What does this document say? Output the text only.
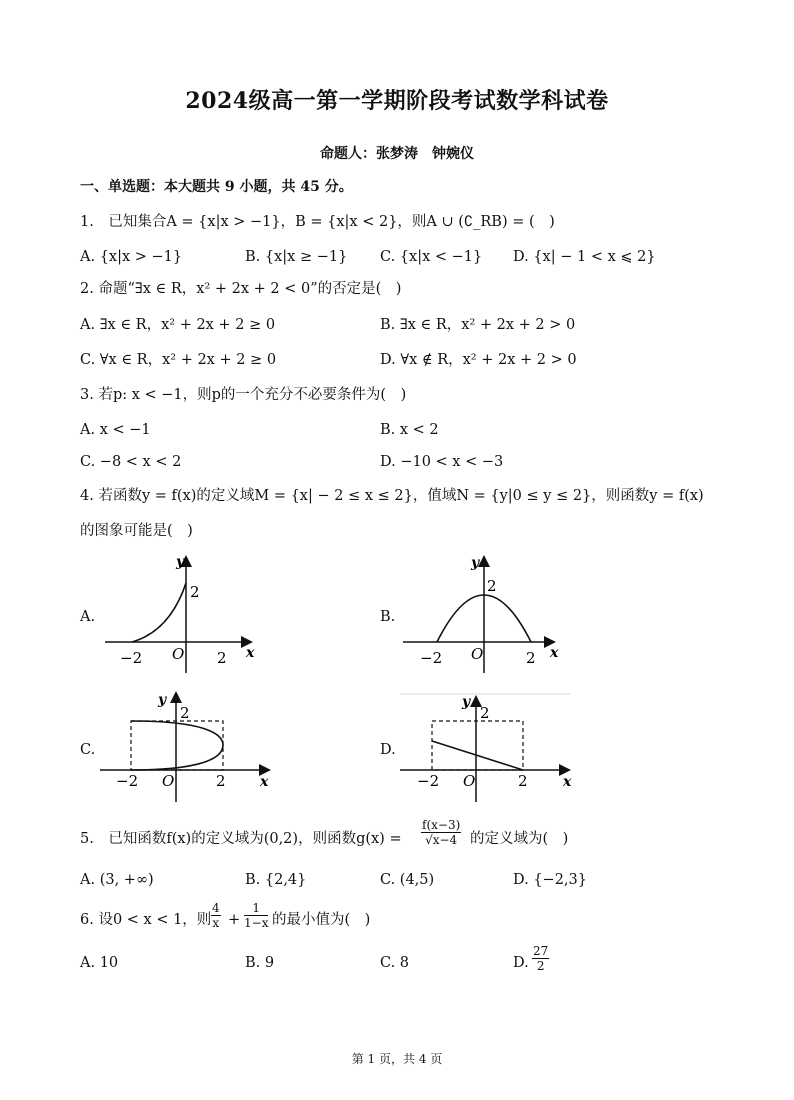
2024级高一第一学期阶段考试数学科试卷
命题人：张梦涛　钟婉仪
一、单选题：本大题共 9 小题，共 45 分。
1.　已知集合A = {x|x > −1}，B = {x|x < 2}，则A ∪ (∁_RB) = (　)
A. {x|x > −1}	B. {x|x ≥ −1} C. {x|x < −1} D. {x| − 1 < x ⩽ 2}
2. 命题“∃x ∈ R，x² + 2x + 2 < 0”的否定是(　)
A. ∃x ∈ R，x² + 2x + 2 ≥ 0	B. ∃x ∈ R，x² + 2x + 2 > 0
C. ∀x ∈ R，x² + 2x + 2 ≥ 0	D. ∀x ∉ R，x² + 2x + 2 > 0
3. 若p: x < −1，则p的一个充分不必要条件为(　)
A. x < −1	B. x < 2
C. −8 < x < 2	D. −10 < x < −3
4. 若函数y = f(x)的定义域M = {x| − 2 ≤ x ≤ 2}，值域N = {y|0 ≤ y ≤ 2}，则函数y = f(x)
的图象可能是(　)
A.	B.
C.	D.
y
2
−2 O 2 x
y
2
−2 O	2 x
y
2
−2 O	2 x
y
2
−2 O	2	x
5.　已知函数f(x)的定义域为(0,2)，则函数$g(x) = \frac{f(x-3)}{√x-4}$ 的定义域为(　)
A. (3, +∞)	B. {2,4}	C. (4,5)	D. {−2,3}
6. 设0 < x < 1，则 $\frac{4}{x} + \frac{1}{1-x}$ 的最小值为(　)
A. 10	B. 9	C. 8	D. $\frac{27}{2}$
第 1 页，共 4 页
